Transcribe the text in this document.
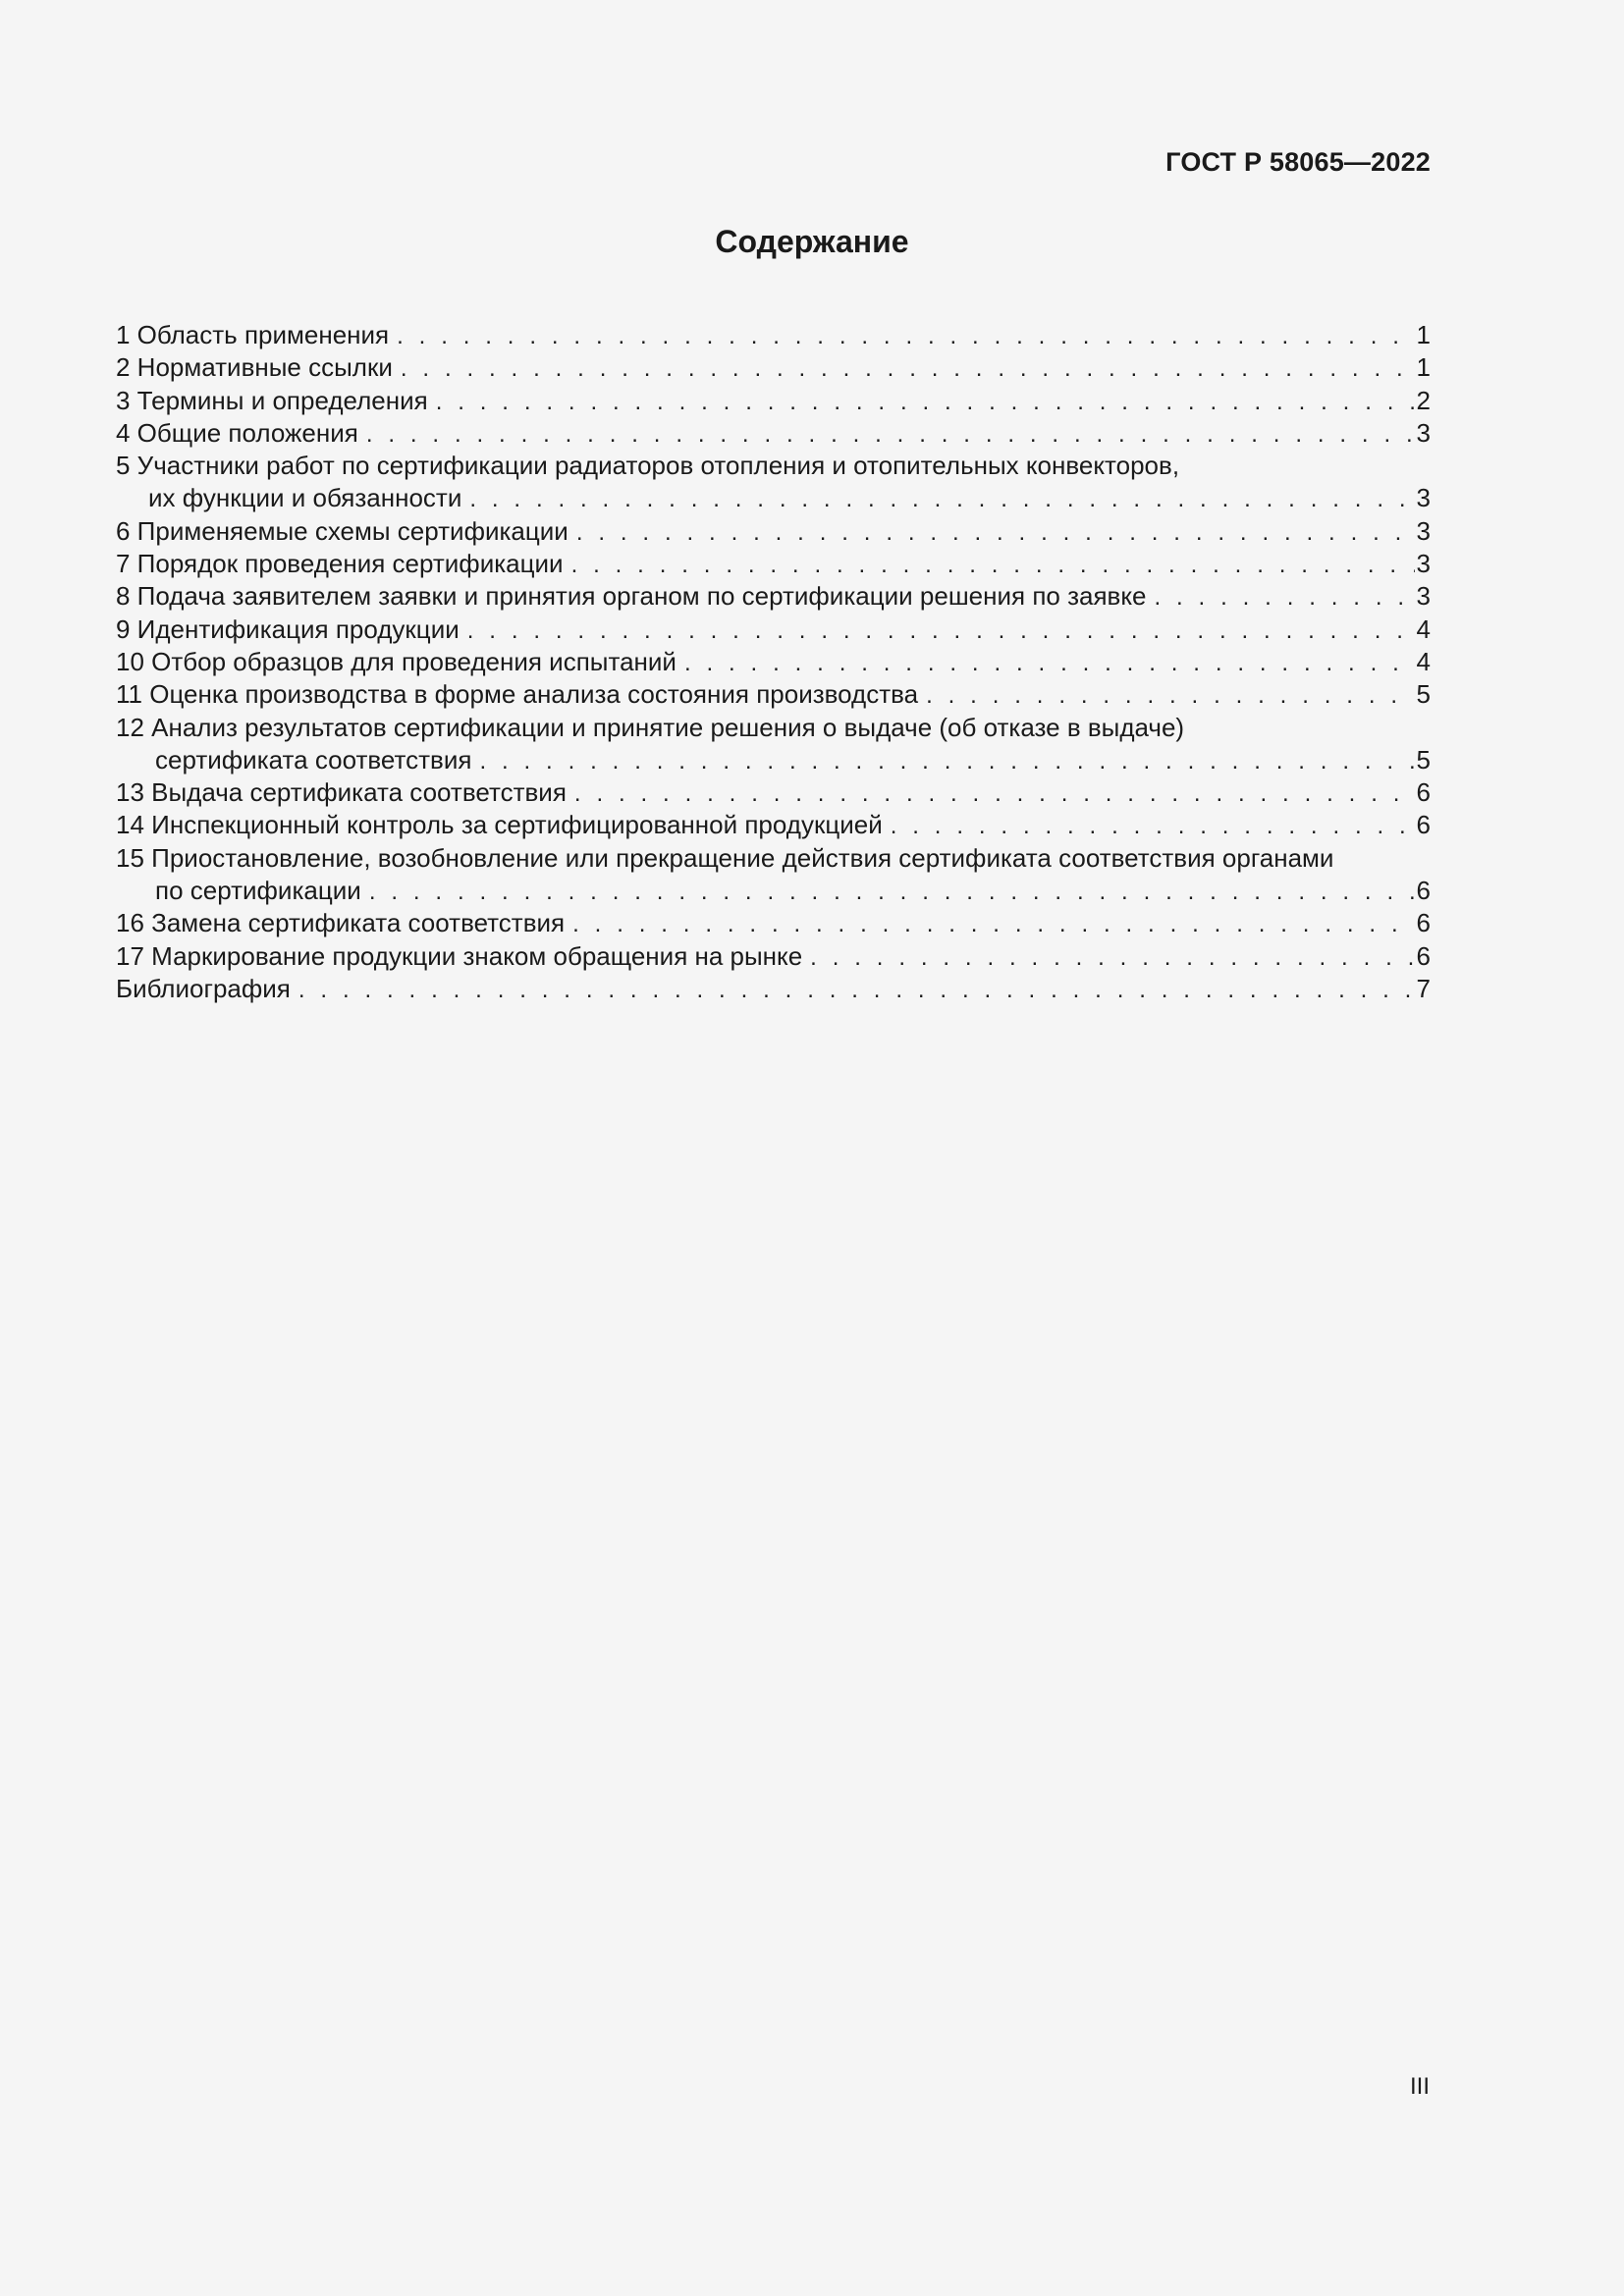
ГОСТ Р 58065—2022
Содержание
1 Область применения . . .	1
2 Нормативные ссылки . . .	1
3 Термины и определения . . .	2
4 Общие положения . . .	3
5 Участники работ по сертификации радиаторов отопления и отопительных конвекторов,
их функции и обязанности . . .	3
6 Применяемые схемы сертификации . . .	3
7 Порядок проведения сертификации . . .	3
8 Подача заявителем заявки и принятия органом по сертификации решения по заявке . . .	3
9 Идентификация продукции . . .	4
10 Отбор образцов для проведения испытаний . . .	4
11 Оценка производства в форме анализа состояния производства . . .	5
12 Анализ результатов сертификации и принятие решения о выдаче (об отказе в выдаче)
сертификата соответствия . . .	5
13 Выдача сертификата соответствия . . .	6
14 Инспекционный контроль за сертифицированной продукцией . . .	6
15 Приостановление, возобновление или прекращение действия сертификата соответствия органами
по сертификации . . .	6
16 Замена сертификата соответствия . . .	6
17 Маркирование продукции знаком обращения на рынке . . .	6
Библиография . . .	7
III
